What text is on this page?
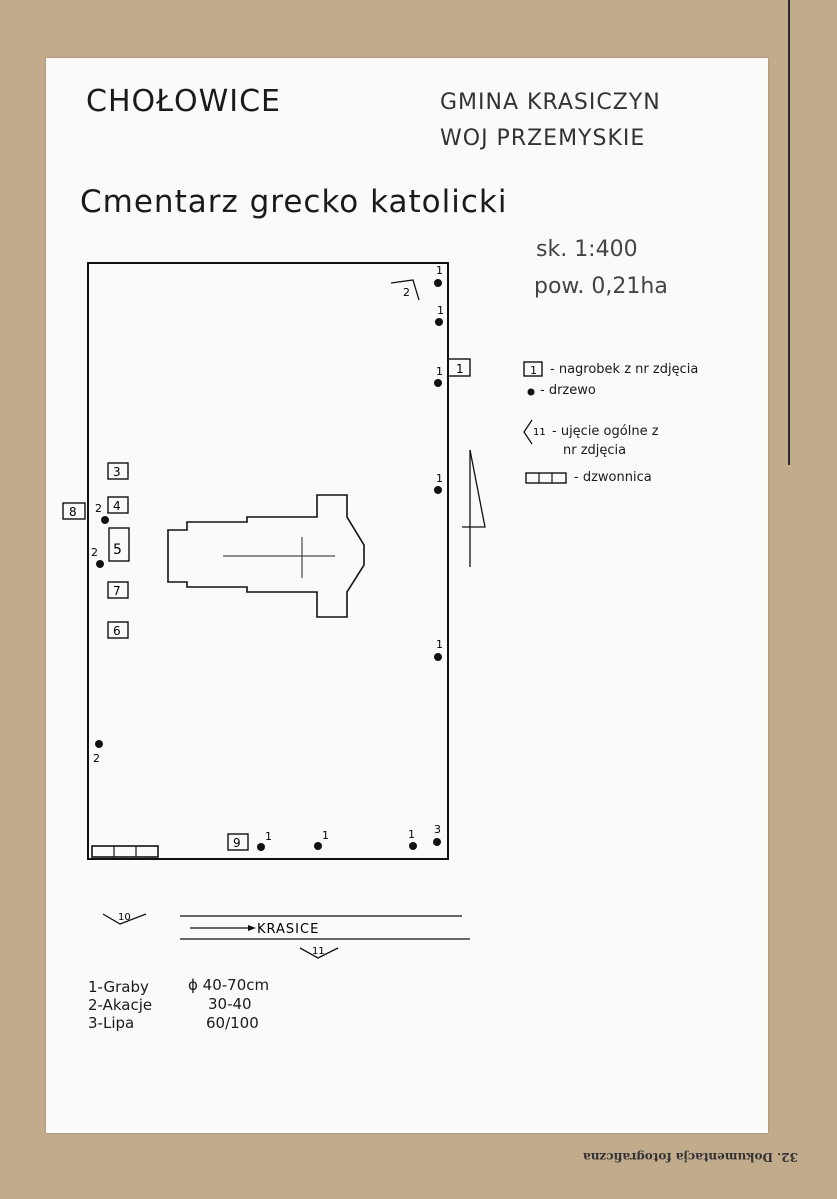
CHOŁOWICE	GMINA KRASICZYN
WOJ PRZEMYSKIE
Cmentarz grecko katolicki
sk. 1:400
pow. 0,21ha
1
3
4
5
7
6
8
9
1
1
1
1
1
1	1	1 3
2
2
2
2
KRASICE
10
11
1
11
- nagrobek z nr zdjęcia
- drzewo
- ujęcie ogólne z
nr zdjęcia
- dzwonnica
1-Graby	ϕ 40-70cm
2-Akacje	30-40
3-Lipa	60/100
32. Dokumentacja fotograficzna
